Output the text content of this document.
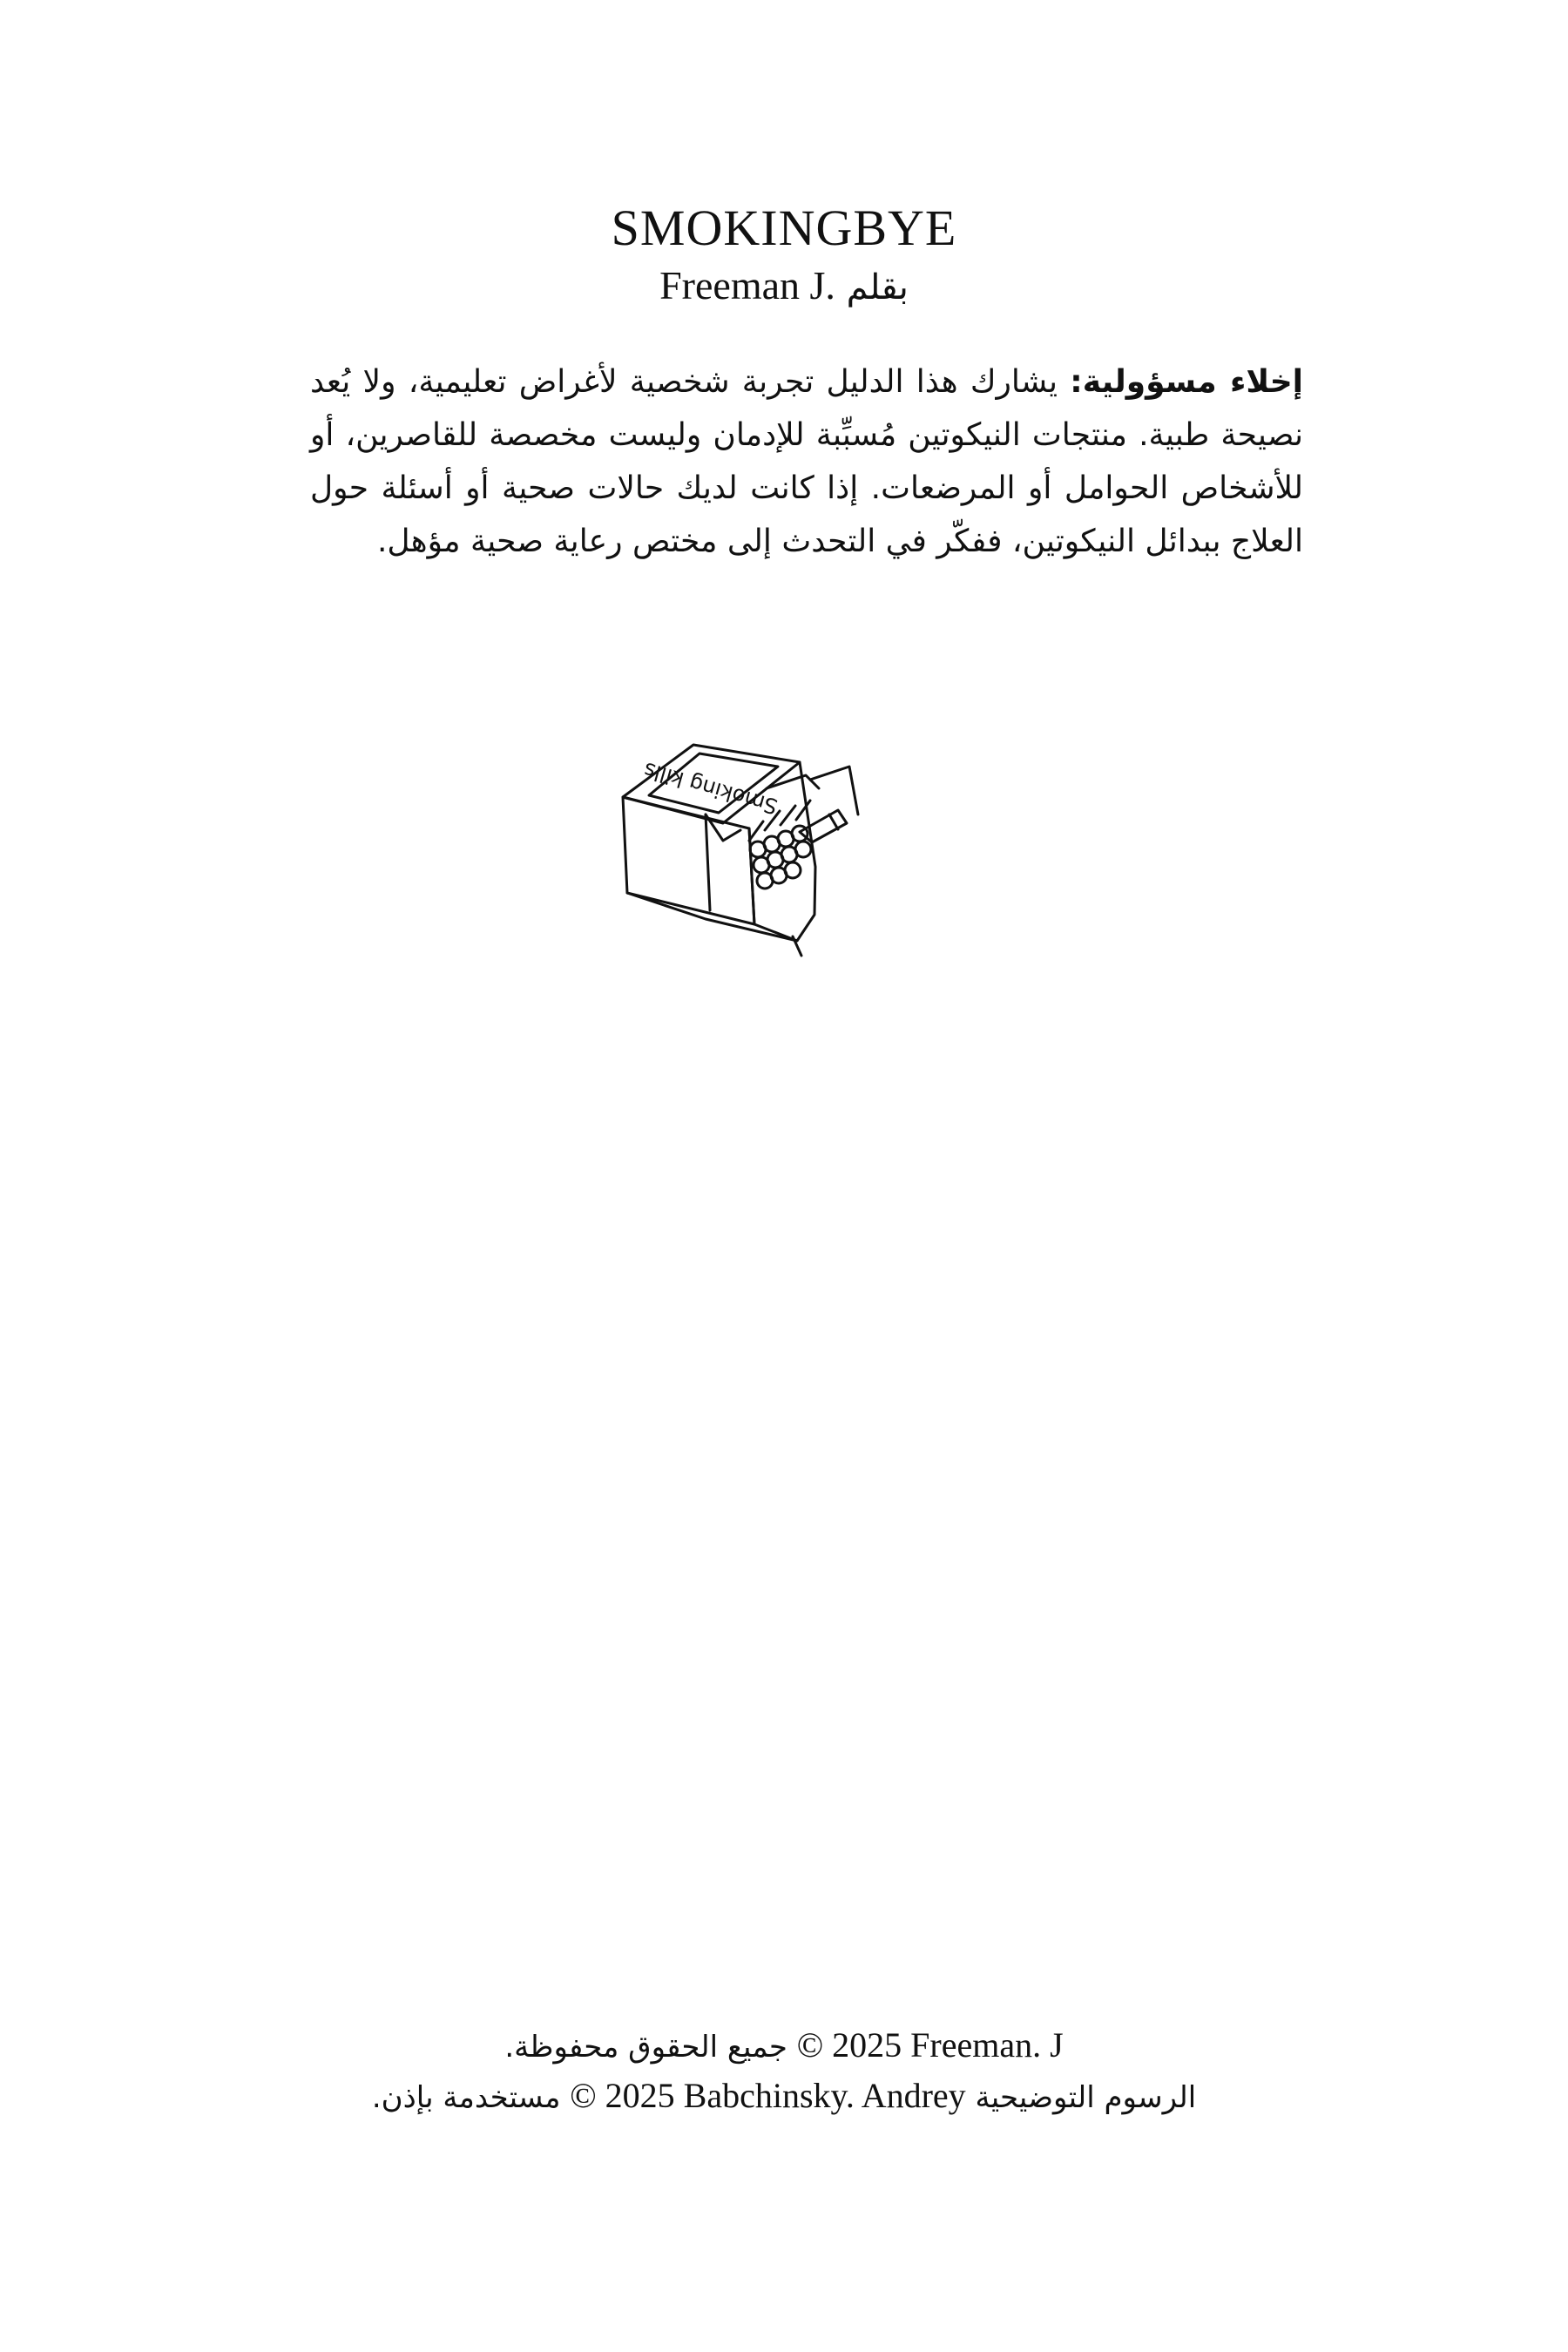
SMOKINGBYE
بقلم Freeman J.
إخلاء مسؤولية: يشارك هذا الدليل تجربة شخصية لأغراض تعليمية، ولا يُعد نصيحة طبية. منتجات النيكوتين مُسبِّبة للإدمان وليست مخصصة للقاصرين، أو للأشخاص الحوامل أو المرضعات. إذا كانت لديك حالات صحية أو أسئلة حول العلاج ببدائل النيكوتين، ففكّر في التحدث إلى مختص رعاية صحية مؤهل.
Smoking kills
© 2025 Freeman. J جميع الحقوق محفوظة.
الرسوم التوضيحية © 2025 Babchinsky. Andrey مستخدمة بإذن.
